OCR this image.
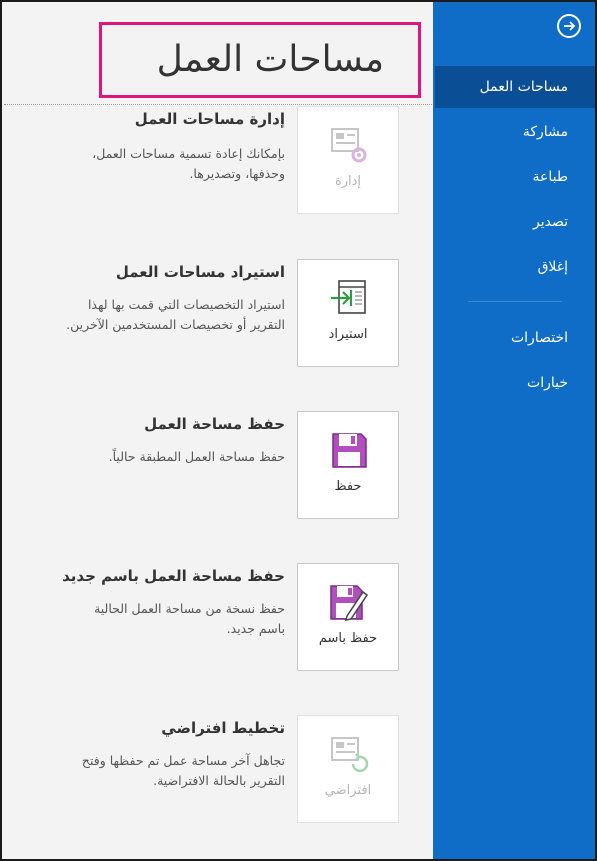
مساحات العمل
إدارة مساحات العمل
بإمكانك إعادة تسمية مساحات العمل، وحذفها، وتصديرها.
إدارة
استيراد مساحات العمل
استيراد التخصيصات التي قمت بها لهذا التقرير أو تخصيصات المستخدمين الآخرين.
استيراد
حفظ مساحة العمل
حفظ مساحة العمل المطبقة حالياً.
حفظ
حفظ مساحة العمل باسم جديد
حفظ نسخة من مساحة العمل الحالية باسم جديد.
حفظ باسم
تخطيط افتراضي
تجاهل آخر مساحة عمل تم حفظها وفتح التقرير بالحالة الافتراضية.
افتراضي
مساحات العمل
مشاركة
طباعة
تصدير
إغلاق
اختصارات
خيارات
